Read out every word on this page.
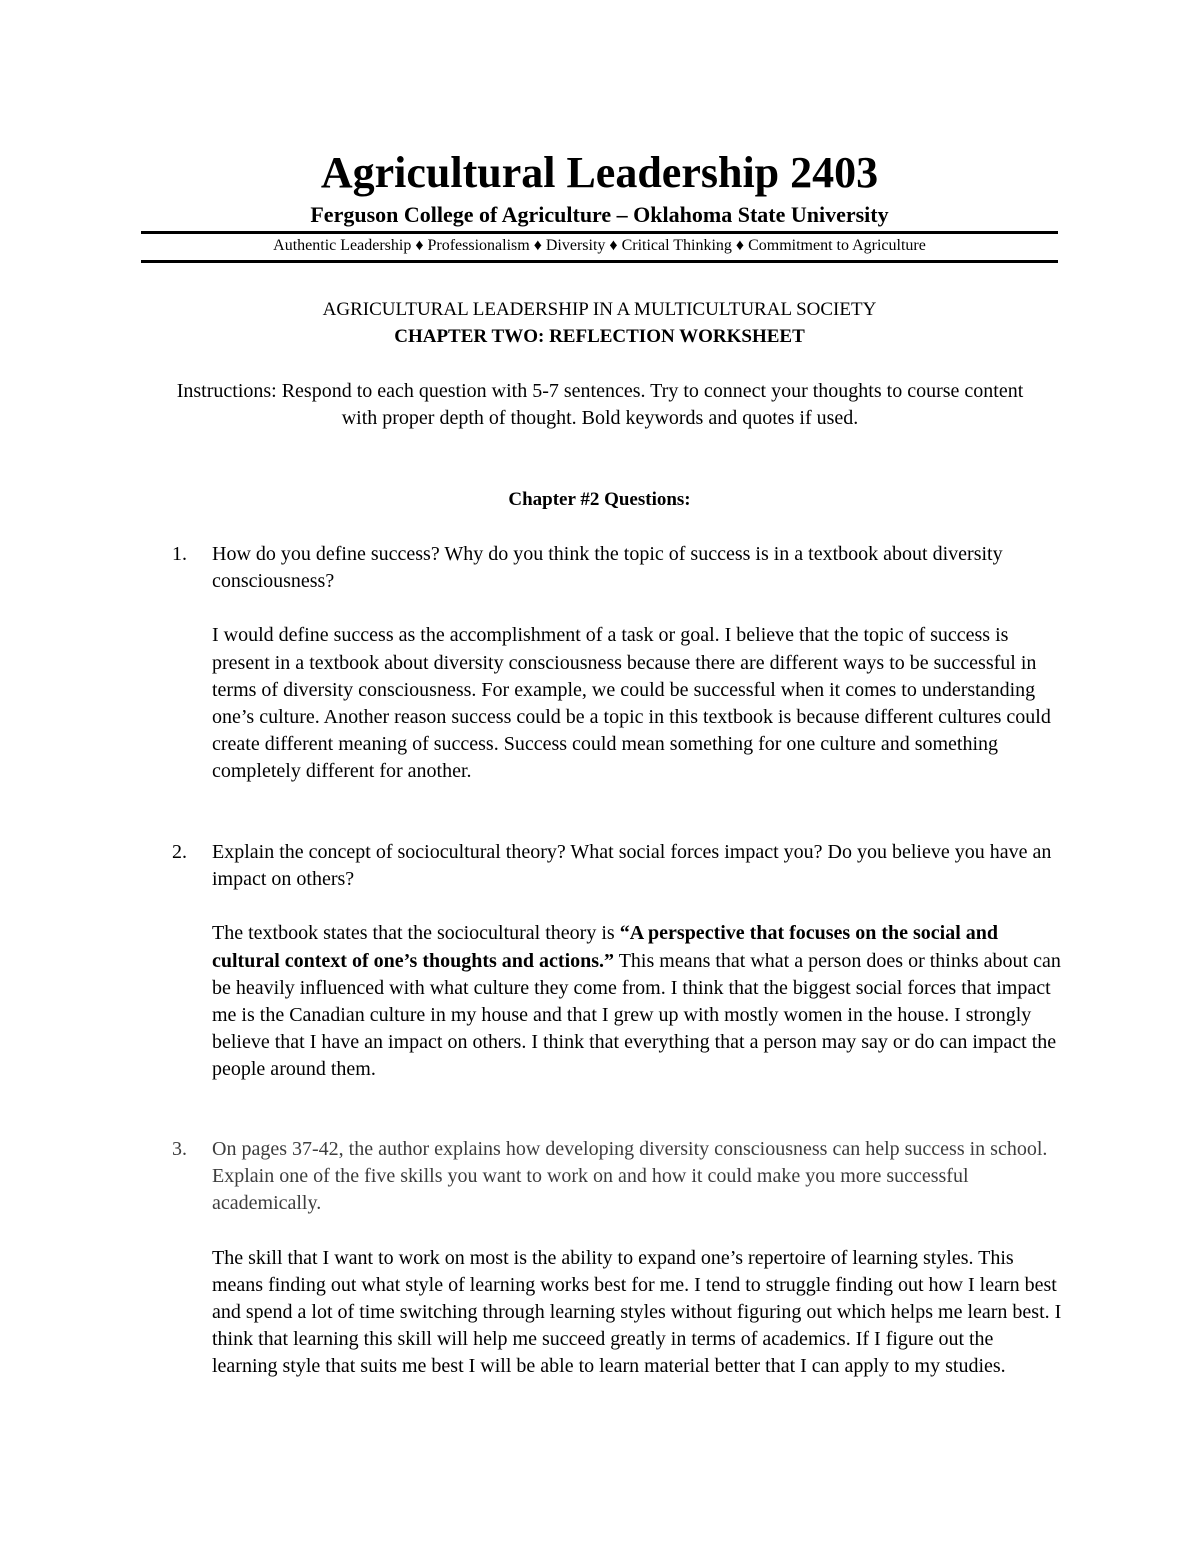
Agricultural Leadership 2403
Ferguson College of Agriculture – Oklahoma State University
Authentic Leadership ♦ Professionalism ♦ Diversity ♦ Critical Thinking ♦ Commitment to Agriculture
AGRICULTURAL LEADERSHIP IN A MULTICULTURAL SOCIETY
CHAPTER TWO: REFLECTION WORKSHEET

Instructions: Respond to each question with 5-7 sentences. Try to connect your thoughts to course content with proper depth of thought. Bold keywords and quotes if used.

Chapter #2 Questions:
1.	How do you define success? Why do you think the topic of success is in a textbook about diversity consciousness?

I would define success as the accomplishment of a task or goal. I believe that the topic of success is present in a textbook about diversity consciousness because there are different ways to be successful in terms of diversity consciousness. For example, we could be successful when it comes to understanding one’s culture. Another reason success could be a topic in this textbook is because different cultures could create different meaning of success. Success could mean something for one culture and something completely different for another.

2.	Explain the concept of sociocultural theory? What social forces impact you? Do you believe you have an impact on others?

The textbook states that the sociocultural theory is “A perspective that focuses on the social and cultural context of one’s thoughts and actions.” This means that what a person does or thinks about can be heavily influenced with what culture they come from. I think that the biggest social forces that impact me is the Canadian culture in my house and that I grew up with mostly women in the house. I strongly believe that I have an impact on others. I think that everything that a person may say or do can impact the people around them.

3.	On pages 37-42, the author explains how developing diversity consciousness can help success in school. Explain one of the five skills you want to work on and how it could make you more successful academically.

The skill that I want to work on most is the ability to expand one’s repertoire of learning styles. This means finding out what style of learning works best for me. I tend to struggle finding out how I learn best and spend a lot of time switching through learning styles without figuring out which helps me learn best. I think that learning this skill will help me succeed greatly in terms of academics. If I figure out the learning style that suits me best I will be able to learn material better that I can apply to my studies.
